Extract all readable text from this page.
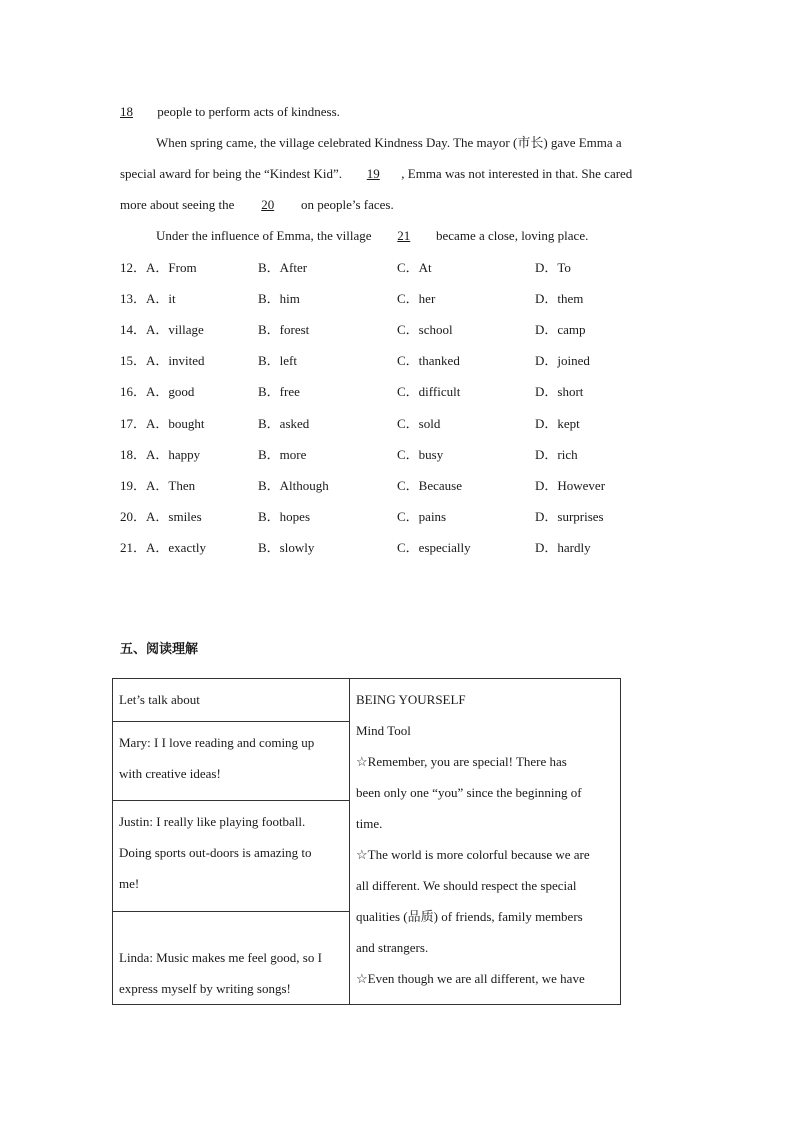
18 people to perform acts of kindness.
When spring came, the village celebrated Kindness Day. The mayor (市长) gave Emma a
special award for being the “Kindest Kid”. 19 , Emma was not interested in that. She cared
more about seeing the 20 on people’s faces.
Under the influence of Emma, the village 21 became a close, loving place.
12．A．From	B．After	C．At	D．To
13．A．it	B．him	C．her	D．them
14．A．village	B．forest	C．school	D．camp
15．A．invited	B．left	C．thanked	D．joined
16．A．good	B．free	C．difficult	D．short
17．A．bought	B．asked	C．sold	D．kept
18．A．happy	B．more	C．busy	D．rich
19．A．Then	B．Although	C．Because	D．However
20．A．smiles	B．hopes	C．pains	D．surprises
21．A．exactly	B．slowly	C．especially	D．hardly
五、阅读理解
Let’s talk about	BEING YOURSELF
Mind Tool
☆Remember, you are special! There has
been only one “you” since the beginning of
time.
☆The world is more colorful because we are
all different. We should respect the special
qualities (品质) of friends, family members
and strangers.
☆Even though we are all different, we have

Mary: I I love reading and coming up
with creative ideas!

Justin: I really like playing football.
Doing sports out-doors is amazing to
me!

Linda: Music makes me feel good, so I
express myself by writing songs!
